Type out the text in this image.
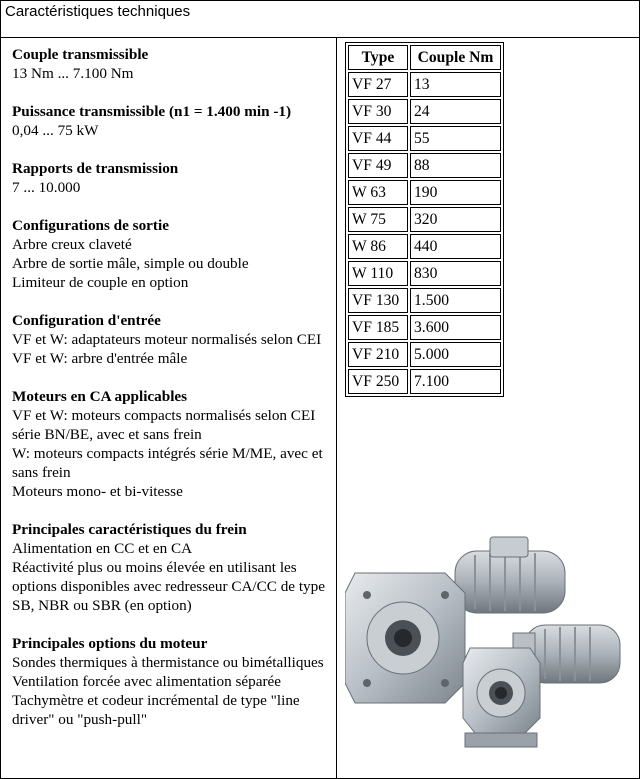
Caractéristiques techniques
Couple transmissible
13 Nm ... 7.100 Nm
Puissance transmissible (n1 = 1.400 min -1)
0,04 ... 75 kW
Rapports de transmission
7 ... 10.000
Configurations de sortie
Arbre creux claveté
Arbre de sortie mâle, simple ou double
Limiteur de couple en option
Configuration d'entrée
VF et W: adaptateurs moteur normalisés selon CEI
VF et W: arbre d'entrée mâle
Moteurs en CA applicables
VF et W: moteurs compacts normalisés selon CEI série BN/BE, avec et sans frein
W: moteurs compacts intégrés série M/ME, avec et sans frein
Moteurs mono- et bi-vitesse
Principales caractéristiques du frein
Alimentation en CC et en CA
Réactivité plus ou moins élevée en utilisant les options disponibles avec redresseur CA/CC de type SB, NBR ou SBR (en option)
Principales options du moteur
Sondes thermiques à thermistance ou bimétalliques
Ventilation forcée avec alimentation séparée
Tachymètre et codeur incrémental de type "line driver" ou "push-pull"
Type	Couple Nm
VF 27	13
VF 30	24
VF 44	55
VF 49	88
W 63	190
W 75	320
W 86	440
W 110	830
VF 130	1.500
VF 185	3.600
VF 210	5.000
VF 250	7.100
